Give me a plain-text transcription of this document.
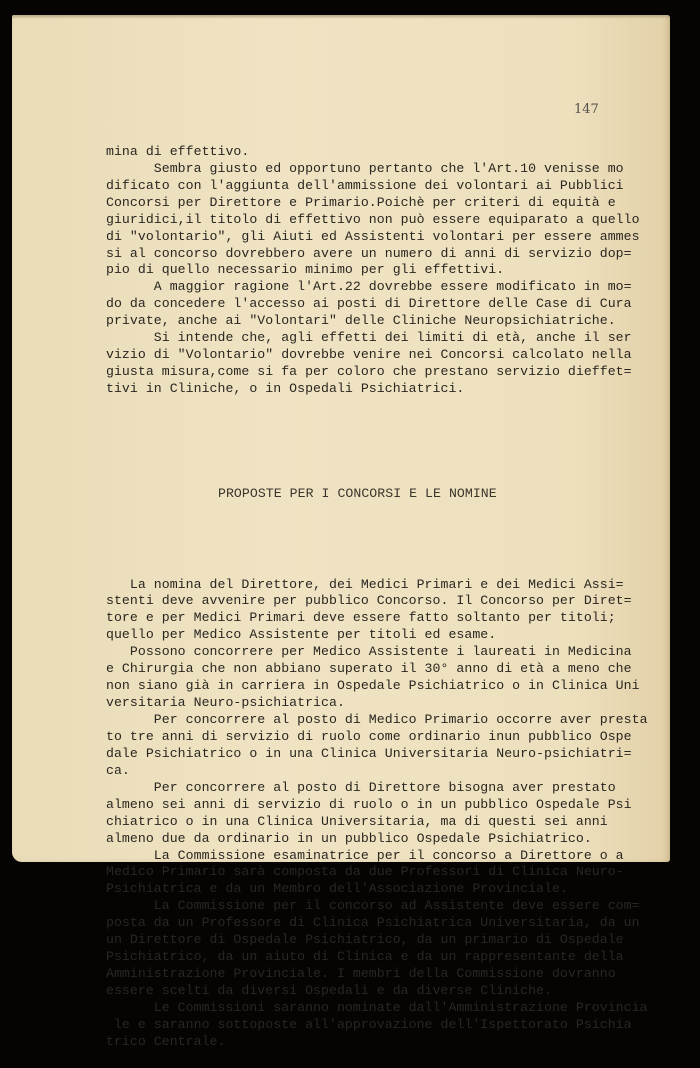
147

mina di effettivo.
Sembra giusto ed opportuno pertanto che l'Art.10 venisse mo
dificato con l'aggiunta dell'ammissione dei volontari ai Pubblici
Concorsi per Direttore e Primario.Poichè per criteri di equità e
giuridici,il titolo di effettivo non può essere equiparato a quello
di "volontario", gli Aiuti ed Assistenti volontari per essere ammes
si al concorso dovrebbero avere un numero di anni di servizio dop=
pio di quello necessario minimo per gli effettivi.
A maggior ragione l'Art.22 dovrebbe essere modificato in mo=
do da concedere l'accesso ai posti di Direttore delle Case di Cura
private, anche ai "Volontari" delle Cliniche Neuropsichiatriche.
Si intende che, agli effetti dei limiti di età, anche il ser
vizio di "Volontario" dovrebbe venire nei Concorsi calcolato nella
giusta misura,come si fa per coloro che prestano servizio dieffet=
tivi in Cliniche, o in Ospedali Psichiatrici.

PROPOSTE PER I CONCORSI E LE NOMINE

La nomina del Direttore, dei Medici Primari e dei Medici Assi=
stenti deve avvenire per pubblico Concorso. Il Concorso per Diret=
tore e per Medici Primari deve essere fatto soltanto per titoli;
quello per Medico Assistente per titoli ed esame.
Possono concorrere per Medico Assistente i laureati in Medicina
e Chirurgia che non abbiano superato il 30° anno di età a meno che
non siano già in carriera in Ospedale Psichiatrico o in Clinica Uni
versitaria Neuro-psichiatrica.
Per concorrere al posto di Medico Primario occorre aver presta
to tre anni di servizio di ruolo come ordinario inun pubblico Ospe
dale Psichiatrico o in una Clinica Universitaria Neuro-psichiatri=
ca.
Per concorrere al posto di Direttore bisogna aver prestato
almeno sei anni di servizio di ruolo o in un pubblico Ospedale Psi
chiatrico o in una Clinica Universitaria, ma di questi sei anni
almeno due da ordinario in un pubblico Ospedale Psichiatrico.
La Commissione esaminatrice per il concorso a Direttore o a
Medico Primario sarà composta da due Professori di Clinica Neuro-
Psichiatrica e da un Membro dell'Associazione Provinciale.
La Commissione per il concorso ad Assistente deve essere com=
posta da un Professore di Clinica Psichiatrica Universitaria, da un
un Direttore di Ospedale Psichiatrico, da un primario di Ospedale
Psichiatrico, da un aiuto di Clinica e da un rappresentante della
Amministrazione Provinciale. I membri della Commissione dovranno
essere scelti da diversi Ospedali e da diverse Cliniche.
Le Commissioni saranno nominate dall'Amministrazione Provincia
le e saranno sottoposte all'approvazione dell'Ispettorato Psichia
trico Centrale.
